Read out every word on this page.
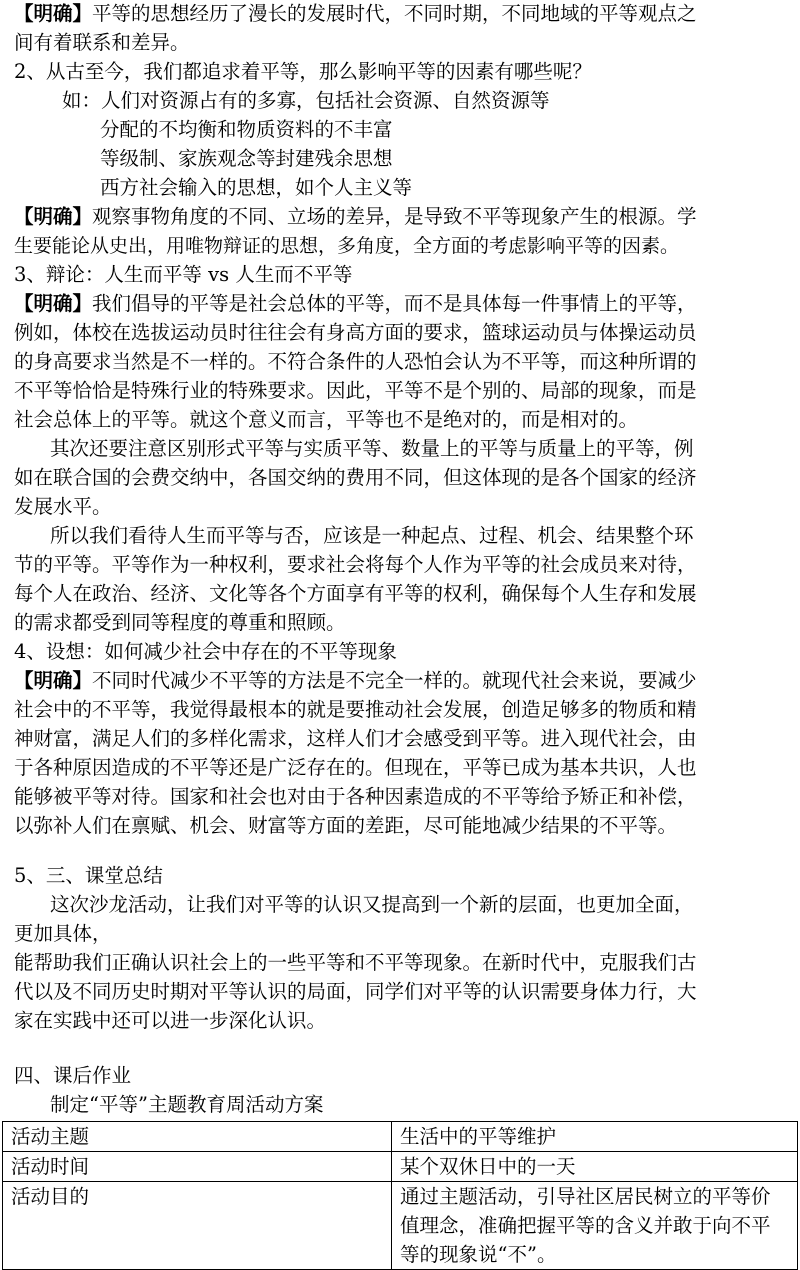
【明确】平等的思想经历了漫长的发展时代，不同时期，不同地域的平等观点之
间有着联系和差异。
2、从古至今，我们都追求着平等，那么影响平等的因素有哪些呢？
如：人们对资源占有的多寡，包括社会资源、自然资源等
分配的不均衡和物质资料的不丰富
等级制、家族观念等封建残余思想
西方社会输入的思想，如个人主义等
【明确】观察事物角度的不同、立场的差异，是导致不平等现象产生的根源。学
生要能论从史出，用唯物辩证的思想，多角度，全方面的考虑影响平等的因素。
3、辩论：人生而平等 vs 人生而不平等
【明确】我们倡导的平等是社会总体的平等，而不是具体每一件事情上的平等，
例如，体校在选拔运动员时往往会有身高方面的要求，篮球运动员与体操运动员
的身高要求当然是不一样的。不符合条件的人恐怕会认为不平等，而这种所谓的
不平等恰恰是特殊行业的特殊要求。因此，平等不是个别的、局部的现象，而是
社会总体上的平等。就这个意义而言，平等也不是绝对的，而是相对的。
其次还要注意区别形式平等与实质平等、数量上的平等与质量上的平等，例
如在联合国的会费交纳中，各国交纳的费用不同，但这体现的是各个国家的经济
发展水平。
所以我们看待人生而平等与否，应该是一种起点、过程、机会、结果整个环
节的平等。平等作为一种权利，要求社会将每个人作为平等的社会成员来对待，
每个人在政治、经济、文化等各个方面享有平等的权利，确保每个人生存和发展
的需求都受到同等程度的尊重和照顾。
4、设想：如何减少社会中存在的不平等现象
【明确】不同时代减少不平等的方法是不完全一样的。就现代社会来说，要减少
社会中的不平等，我觉得最根本的就是要推动社会发展，创造足够多的物质和精
神财富，满足人们的多样化需求，这样人们才会感受到平等。进入现代社会，由
于各种原因造成的不平等还是广泛存在的。但现在，平等已成为基本共识，人也
能够被平等对待。国家和社会也对由于各种因素造成的不平等给予矫正和补偿，
以弥补人们在禀赋、机会、财富等方面的差距，尽可能地减少结果的不平等。
5、三、课堂总结
这次沙龙活动，让我们对平等的认识又提高到一个新的层面，也更加全面，
更加具体，
能帮助我们正确认识社会上的一些平等和不平等现象。在新时代中，克服我们古
代以及不同历史时期对平等认识的局面，同学们对平等的认识需要身体力行，大
家在实践中还可以进一步深化认识。
四、课后作业
制定“平等”主题教育周活动方案
活动主题	生活中的平等维护
活动时间	某个双休日中的一天
活动目的	通过主题活动，引导社区居民树立的平等价值理念，准确把握平等的含义并敢于向不平等的现象说“不”。
